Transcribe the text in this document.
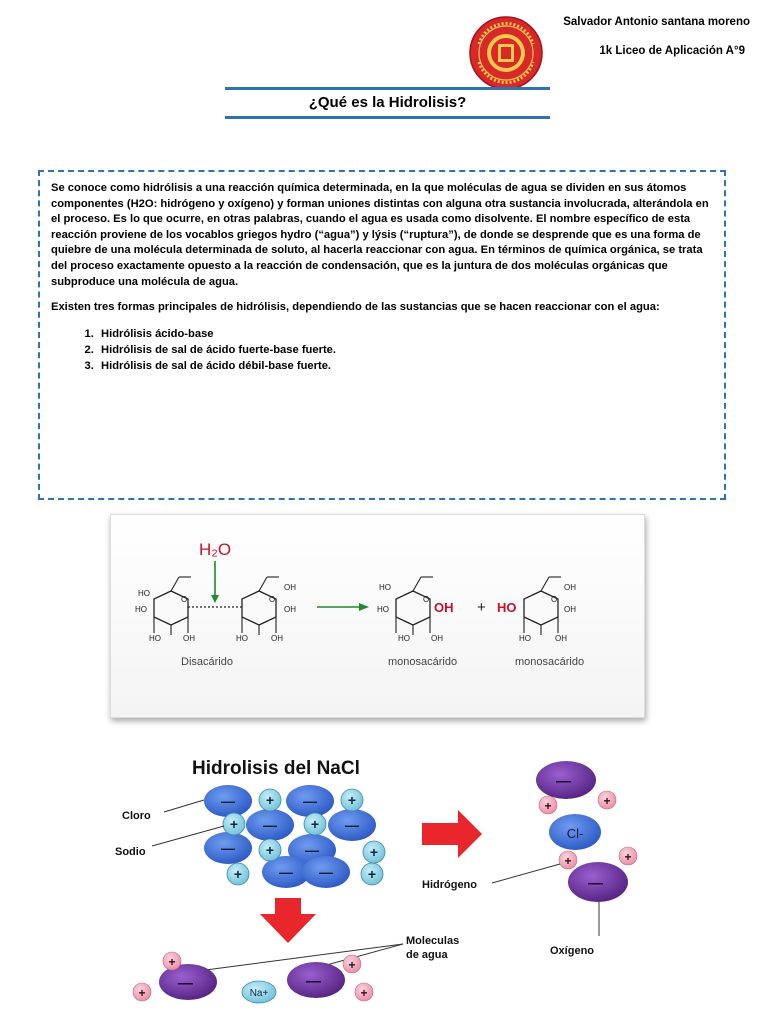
Salvador Antonio santana moreno
1k Liceo de Aplicación A°9
¿Qué es la Hidrolisis?

Se conoce como hidrólisis a una reacción química determinada, en la que moléculas de agua se dividen en sus átomos componentes (H2O: hidrógeno y oxígeno) y forman uniones distintas con alguna otra sustancia involucrada, alterándola en el proceso. Es lo que ocurre, en otras palabras, cuando el agua es usada como disolvente. El nombre específico de esta reacción proviene de los vocablos griegos hydro (“agua”) y lýsis (“ruptura”), de donde se desprende que es una forma de quiebre de una molécula determinada de soluto, al hacerla reaccionar con agua. En términos de química orgánica, se trata del proceso exactamente opuesto a la reacción de condensación, que es la juntura de dos moléculas orgánicas que subproduce una molécula de agua.

Existen tres formas principales de hidrólisis, dependiendo de las sustancias que se hacen reaccionar con el agua:

1. Hidrólisis ácido-base
2. Hidrólisis de sal de ácido fuerte-base fuerte.
3. Hidrólisis de sal de ácido débil-base fuerte.
O
HO
HO
HO	OH
OH
OH
HO	OH
H₂O
HO
HO
HO	OH
OH + HO
OH
OH
HO	OH
Disacárido	monosacárido	monosacárido
Hidrolisis del NaCl
—	—
—	—
—	—
— —
+	+
+	+
+	+
+	+
Cloro
Sodio
—
+	+
Cl-
—
+	+
Hidrógeno
Oxígeno
Moleculas
de agua
—
+
+	Na+
—
+
+
